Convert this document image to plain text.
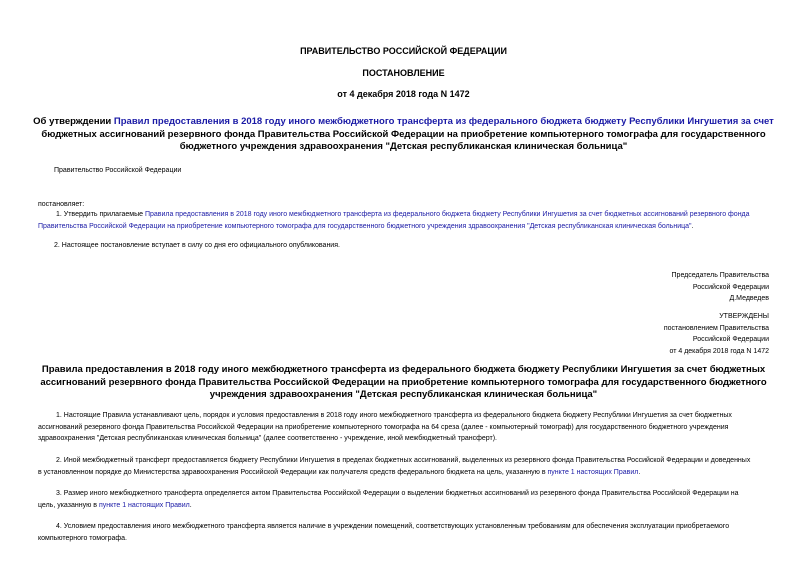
ПРАВИТЕЛЬСТВО РОССИЙСКОЙ ФЕДЕРАЦИИ
ПОСТАНОВЛЕНИЕ
от 4 декабря 2018 года N 1472
Об утверждении Правил предоставления в 2018 году иного межбюджетного трансферта из федерального бюджета бюджету Республики Ингушетия за счет
бюджетных ассигнований резервного фонда Правительства Российской Федерации на приобретение компьютерного томографа для государственного
бюджетного учреждения здравоохранения "Детская республиканская клиническая больница"
Правительство Российской Федерации
постановляет:
1. Утвердить прилагаемые Правила предоставления в 2018 году иного межбюджетного трансферта из федерального бюджета бюджету Республики Ингушетия за счет бюджетных ассигнований резервного фонда
Правительства Российской Федерации на приобретение компьютерного томографа для государственного бюджетного учреждения здравоохранения "Детская республиканская клиническая больница".
2. Настоящее постановление вступает в силу со дня его официального опубликования.
Председатель Правительства
Российской Федерации
Д.Медведев
УТВЕРЖДЕНЫ
постановлением Правительства
Российской Федерации
от 4 декабря 2018 года N 1472
Правила предоставления в 2018 году иного межбюджетного трансферта из федерального бюджета бюджету Республики Ингушетия за счет бюджетных
ассигнований резервного фонда Правительства Российской Федерации на приобретение компьютерного томографа для государственного бюджетного
учреждения здравоохранения "Детская республиканская клиническая больница"
1. Настоящие Правила устанавливают цель, порядок и условия предоставления в 2018 году иного межбюджетного трансферта из федерального бюджета бюджету Республики Ингушетия за счет бюджетных
ассигнований резервного фонда Правительства Российской Федерации на приобретение компьютерного томографа на 64 среза (далее - компьютерный томограф) для государственного бюджетного учреждения
здравоохранения "Детская республиканская клиническая больница" (далее соответственно - учреждение, иной межбюджетный трансферт).
2. Иной межбюджетный трансферт предоставляется бюджету Республики Ингушетия в пределах бюджетных ассигнований, выделенных из резервного фонда Правительства Российской Федерации и доведенных
в установленном порядке до Министерства здравоохранения Российской Федерации как получателя средств федерального бюджета на цель, указанную в пункте 1 настоящих Правил.
3. Размер иного межбюджетного трансферта определяется актом Правительства Российской Федерации о выделении бюджетных ассигнований из резервного фонда Правительства Российской Федерации на
цель, указанную в пункте 1 настоящих Правил.
4. Условием предоставления иного межбюджетного трансферта является наличие в учреждении помещений, соответствующих установленным требованиям для обеспечения эксплуатации приобретаемого
компьютерного томографа.
